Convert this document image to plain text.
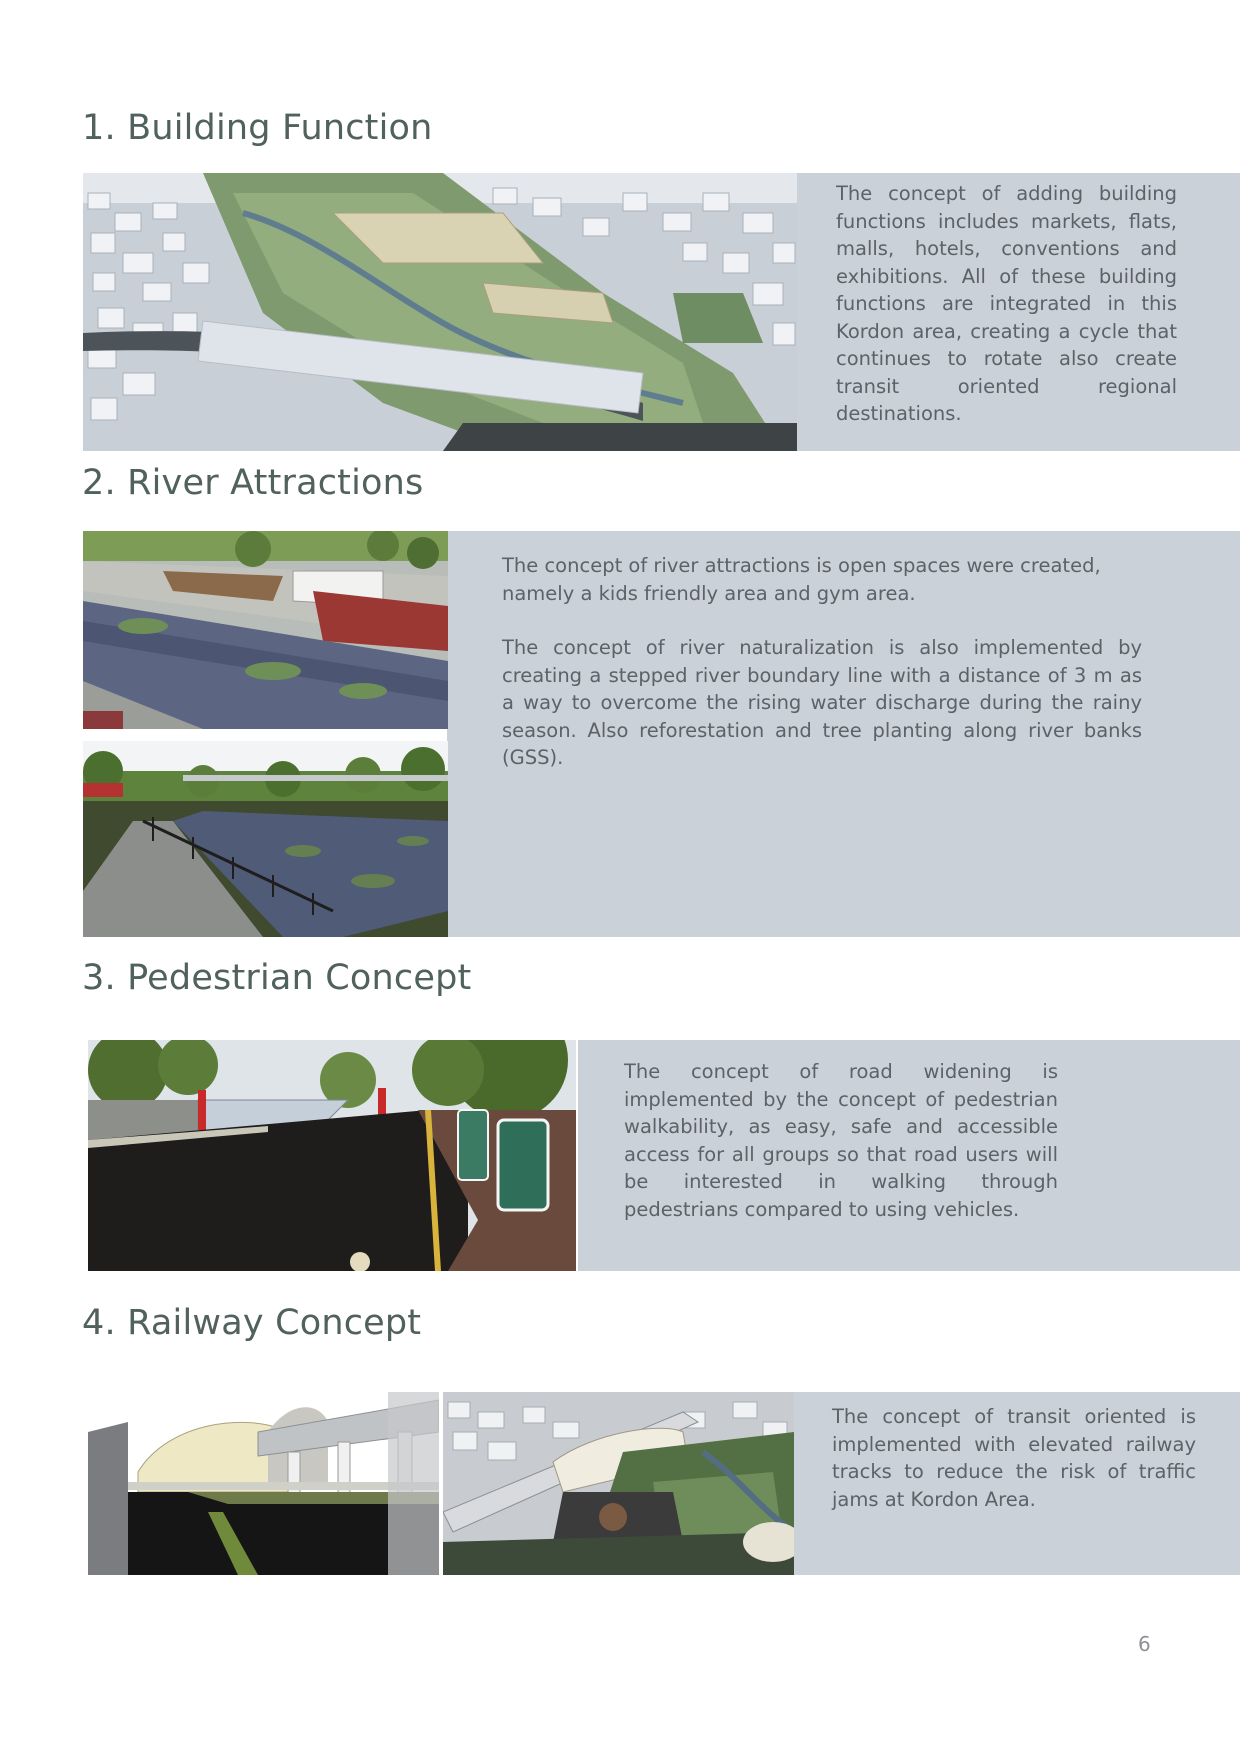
1. Building Function

The concept of adding building functions includes markets, flats, malls, hotels, conventions and exhibitions. All of these building functions are integrated in this Kordon area, creating a cycle that continues to rotate also create transit oriented regional destinations.

2. River Attractions

The concept of river attractions is open spaces were created, namely a kids friendly area and gym area.

The concept of river naturalization is also implemented by creating a stepped river boundary line with a distance of 3 m as a way to overcome the rising water discharge during the rainy season. Also reforestation and tree planting along river banks (GSS).

3. Pedestrian Concept

The concept of road widening is implemented by the concept of pedestrian walkability, as easy, safe and accessible access for all groups so that road users will be interested in walking through pedestrians compared to using vehicles.

4. Railway Concept

The concept of transit oriented is implemented with elevated railway tracks to reduce the risk of traffic jams at Kordon Area.

6
